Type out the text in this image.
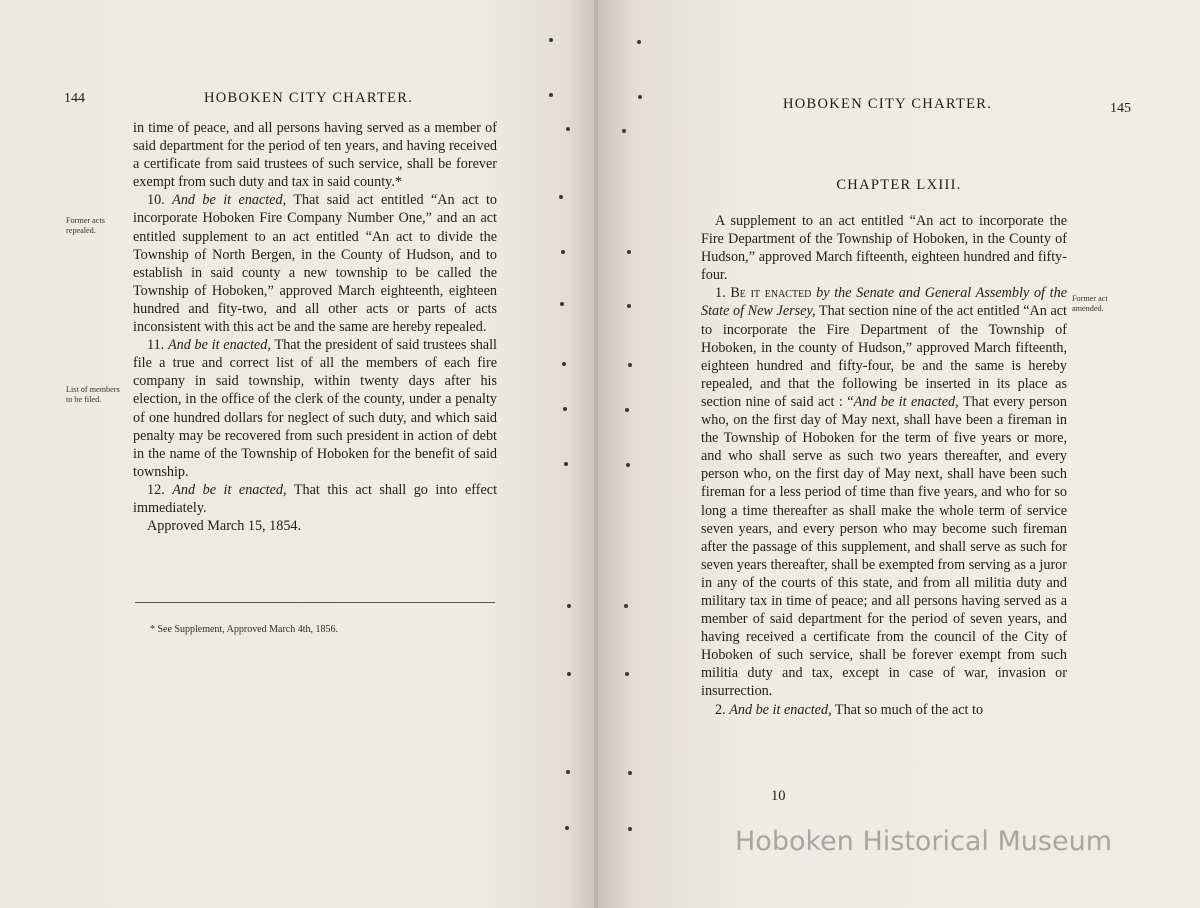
144	HOBOKEN CITY CHARTER.
Former acts repealed.
List of members to be filed.

in time of peace, and all persons having served as a member of said department for the period of ten years, and having received a certificate from said trustees of such service, shall be forever exempt from such duty and tax in said county.*

10. And be it enacted, That said act entitled “An act to incorporate Hoboken Fire Company Number One,” and an act entitled supplement to an act entitled “An act to divide the Township of North Bergen, in the County of Hudson, and to establish in said county a new township to be called the Township of Hoboken,” approved March eighteenth, eighteen hundred and fity-two, and all other acts or parts of acts inconsistent with this act be and the same are hereby repealed.

11. And be it enacted, That the president of said trustees shall file a true and correct list of all the members of each fire company in said township, within twenty days after his election, in the office of the clerk of the county, under a penalty of one hundred dollars for neglect of such duty, and which said penalty may be recovered from such president in action of debt in the name of the Township of Hoboken for the benefit of said township.

12. And be it enacted, That this act shall go into effect immediately.

Approved March 15, 1854.

* See Supplement, Approved March 4th, 1856.
HOBOKEN CITY CHARTER.	145
Former act amended.
CHAPTER LXIII.

A supplement to an act entitled “An act to incorporate the Fire Department of the Township of Hoboken, in the County of Hudson,” approved March fifteenth, eighteen hundred and fifty-four.

1. Be it enacted by the Senate and General Assembly of the State of New Jersey, That section nine of the act entitled “An act to incorporate the Fire Department of the Township of Hoboken, in the county of Hudson,” approved March fifteenth, eighteen hundred and fifty-four, be and the same is hereby repealed, and that the following be inserted in its place as section nine of said act : “And be it enacted, That every person who, on the first day of May next, shall have been a fireman in the Township of Hoboken for the term of five years or more, and who shall serve as such two years thereafter, and every person who, on the first day of May next, shall have been such fireman for a less period of time than five years, and who for so long a time thereafter as shall make the whole term of service seven years, and every person who may become such fireman after the passage of this supplement, and shall serve as such for seven years thereafter, shall be exempted from serving as a juror in any of the courts of this state, and from all militia duty and military tax in time of peace; and all persons having served as a member of said department for the period of seven years, and having received a certificate from the council of the City of Hoboken of such service, shall be forever exempt from such militia duty and tax, except in case of war, invasion or insurrection.

2. And be it enacted, That so much of the act to

10
Hoboken Historical Museum
